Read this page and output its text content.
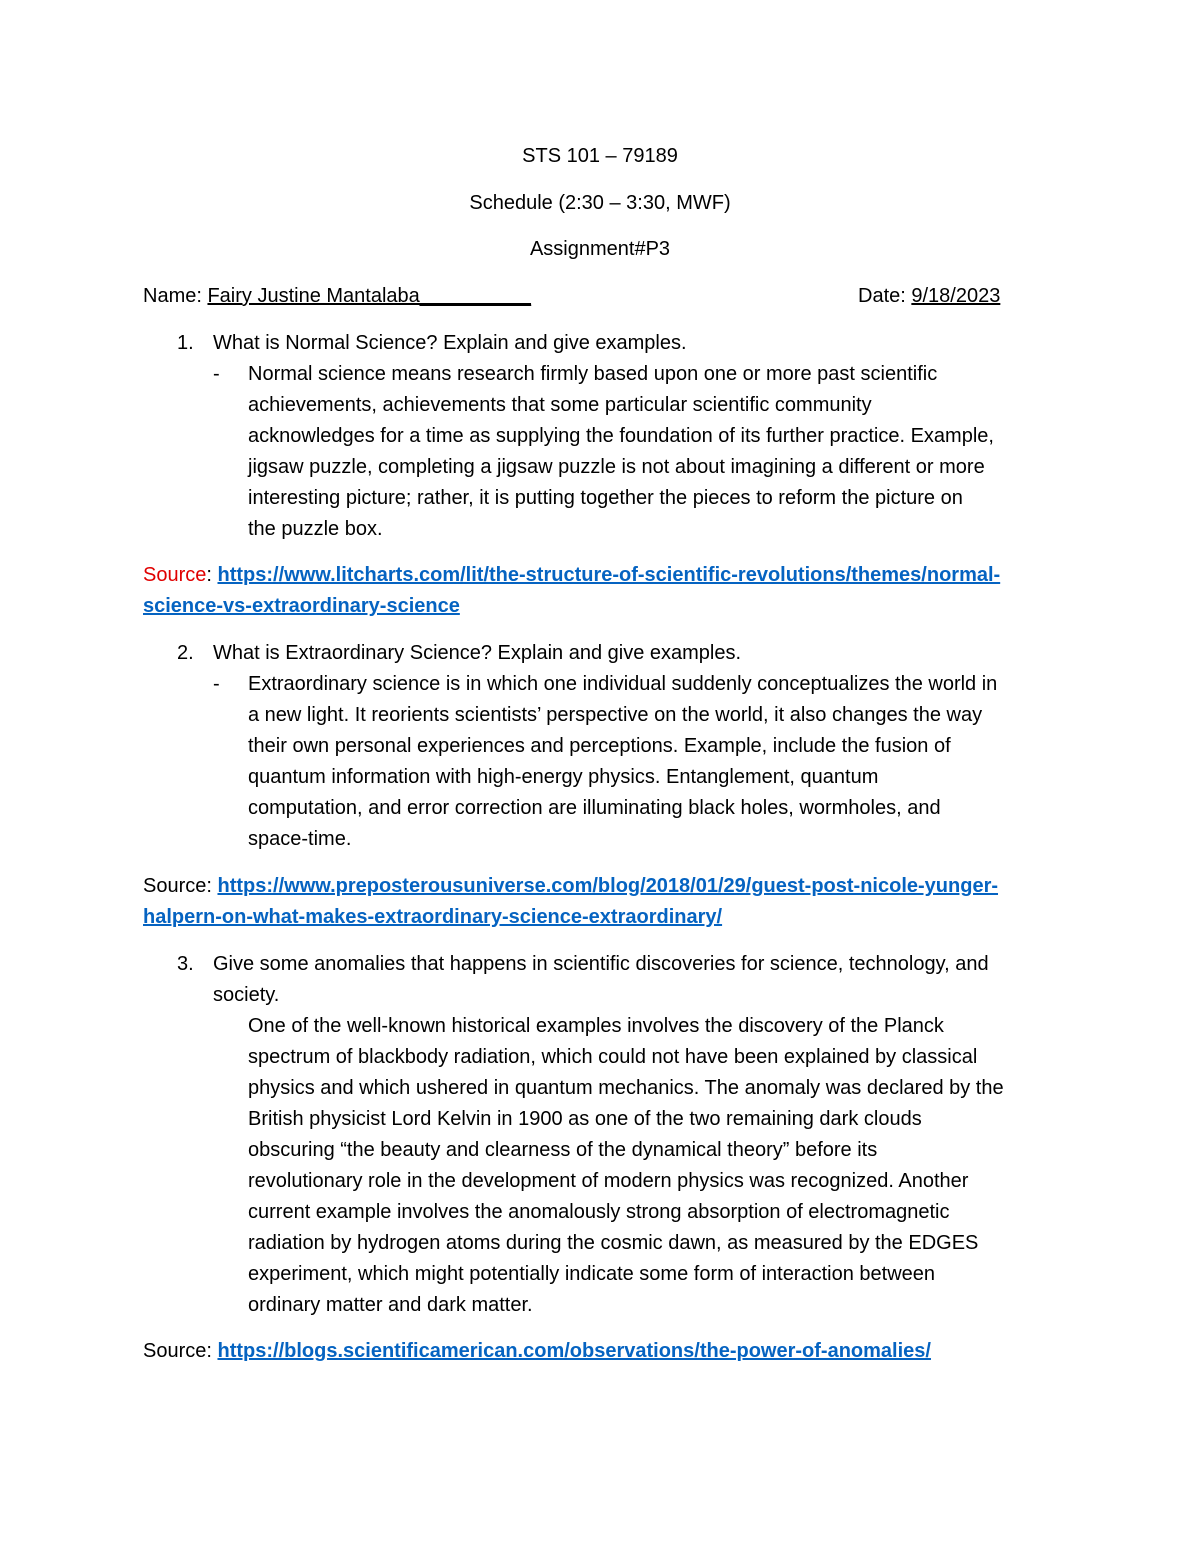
STS 101 – 79189
Schedule (2:30 – 3:30, MWF)
Assignment#P3
Name: Fairy Justine Mantalaba__________	Date: 9/18/2023
1. What is Normal Science? Explain and give examples.
- Normal science means research firmly based upon one or more past scientific
achievements, achievements that some particular scientific community
acknowledges for a time as supplying the foundation of its further practice. Example,
jigsaw puzzle, completing a jigsaw puzzle is not about imagining a different or more
interesting picture; rather, it is putting together the pieces to reform the picture on
the puzzle box.
Source: https://www.litcharts.com/lit/the-structure-of-scientific-revolutions/themes/normal-
science-vs-extraordinary-science
2. What is Extraordinary Science? Explain and give examples.
- Extraordinary science is in which one individual suddenly conceptualizes the world in
a new light. It reorients scientists’ perspective on the world, it also changes the way
their own personal experiences and perceptions. Example, include the fusion of
quantum information with high-energy physics. Entanglement, quantum
computation, and error correction are illuminating black holes, wormholes, and
space-time.
Source: https://www.preposterousuniverse.com/blog/2018/01/29/guest-post-nicole-yunger-
halpern-on-what-makes-extraordinary-science-extraordinary/
3. Give some anomalies that happens in scientific discoveries for science, technology, and
society.
One of the well-known historical examples involves the discovery of the Planck
spectrum of blackbody radiation, which could not have been explained by classical
physics and which ushered in quantum mechanics. The anomaly was declared by the
British physicist Lord Kelvin in 1900 as one of the two remaining dark clouds
obscuring “the beauty and clearness of the dynamical theory” before its
revolutionary role in the development of modern physics was recognized. Another
current example involves the anomalously strong absorption of electromagnetic
radiation by hydrogen atoms during the cosmic dawn, as measured by the EDGES
experiment, which might potentially indicate some form of interaction between
ordinary matter and dark matter.
Source: https://blogs.scientificamerican.com/observations/the-power-of-anomalies/
